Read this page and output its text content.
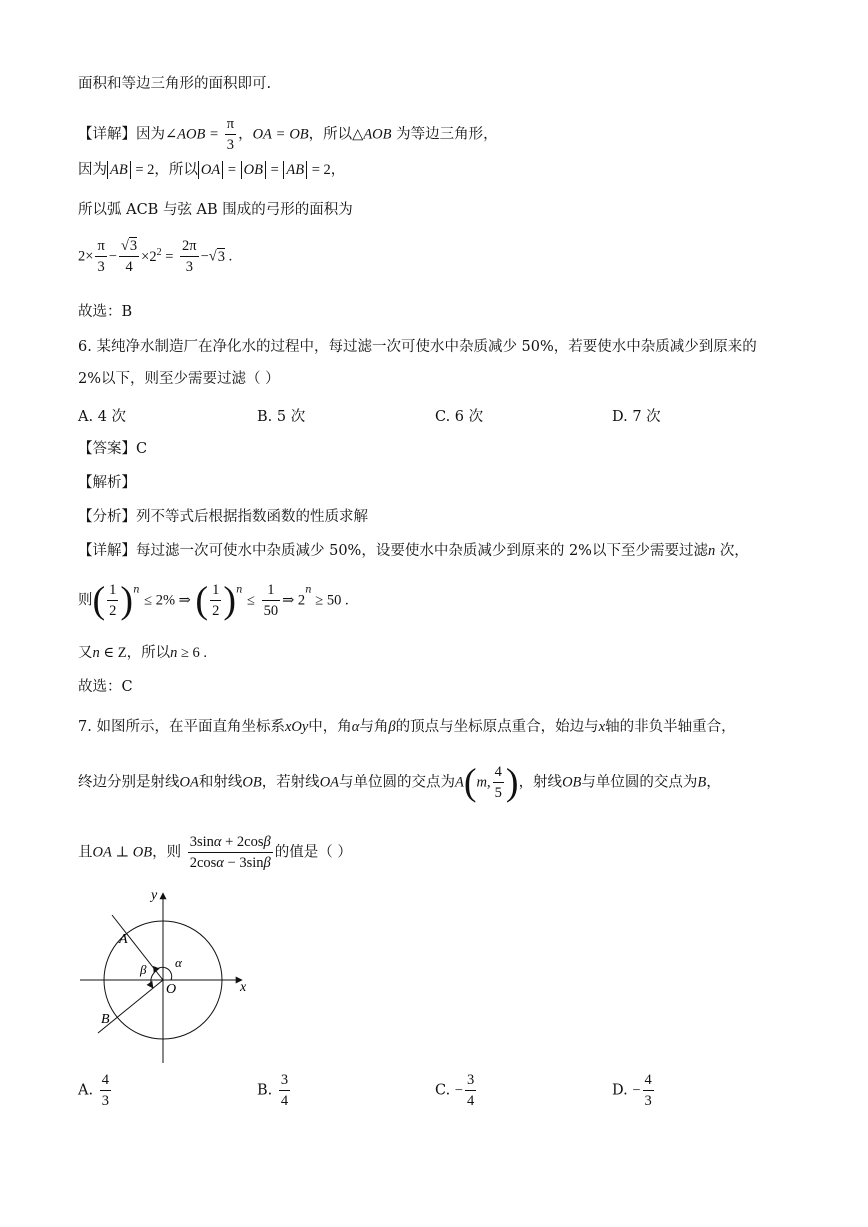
面积和等边三角形的面积即可.
【详解】因为∠AOB = $\frac{\pi}{3}$ ，OA = OB，所以△AOB 为等边三角形，
因为 AB = 2，所以 OA = OB = AB = 2，
所以弧 ACB 与弦 AB 围成的弓形的面积为
$2\times \frac{\pi}{3} - \frac{√3}{4} \times 2^2 = \frac{2\pi}{3} -√3$ .
故选：B
6. 某纯净水制造厂在净化水的过程中，每过滤一次可使水中杂质减少 50%，若要使水中杂质减少到原来的
2%以下，则至少需要过滤（ ）
A. 4 次	B. 5 次	C. 6 次	D. 7 次
【答案】C
【解析】
【分析】列不等式后根据指数函数的性质求解
【详解】每过滤一次可使水中杂质减少 50%，设要使水中杂质减少到原来的 2%以下至少需要过滤n 次，
则( $\frac{1}{2} )^n \le 2\%$ ⇒ ( $\frac{1}{2} )^n \le \frac{1}{50}$ ⇒ $2^n \ge 50$ .
又n ∈ Z，所以n ≥ 6 .
故选：C
7. 如图所示，在平面直角坐标系xOy中，角α与角β的顶点与坐标原点重合，始边与x轴的非负半轴重合，
终边分别是射线OA和射线OB，若射线OA与单位圆的交点为A(m, $\frac{4}{5}$ )，射线OB与单位圆的交点为B，
且OA ⊥ OB，则 $\frac{3\sin\alpha + 2\cos\beta}{2\cos\alpha - 3\sin\beta}$ 的值是（ ）
y
x
O
A
B
α
β
A. $\frac{4}{3}$	B. $\frac{3}{4}$	C. − $\frac{3}{4}$	D. − $\frac{4}{3}$
